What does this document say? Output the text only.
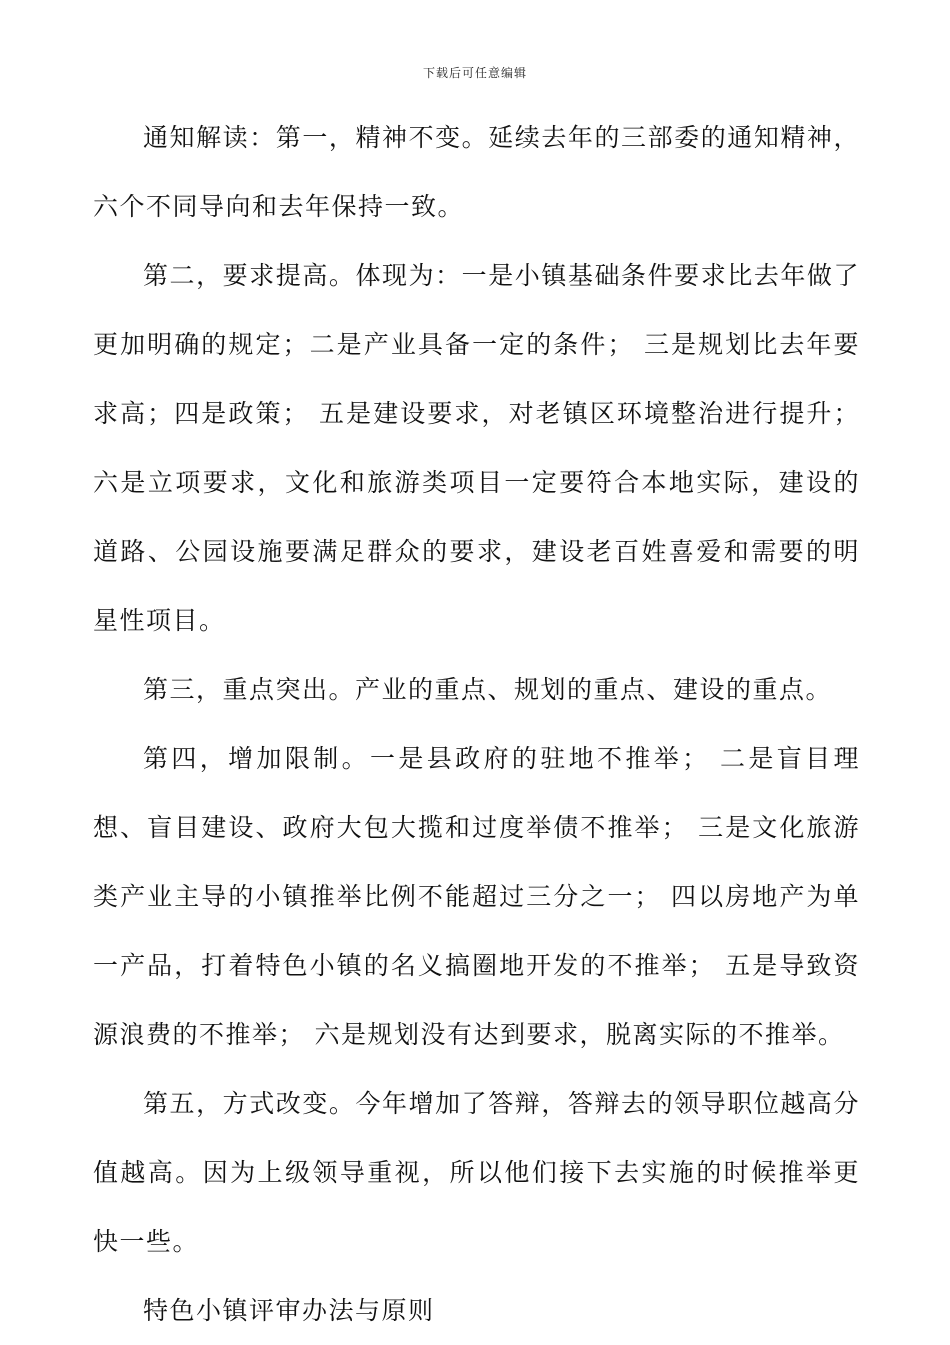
下载后可任意编辑

通知解读：第一，精神不变。延续去年的三部委的通知精神，六个不同导向和去年保持一致。

第二，要求提高。体现为：一是小镇基础条件要求比去年做了更加明确的规定；二是产业具备一定的条件； 三是规划比去年要求高；四是政策； 五是建设要求，对老镇区环境整治进行提升；六是立项要求，文化和旅游类项目一定要符合本地实际，建设的道路、公园设施要满足群众的要求，建设老百姓喜爱和需要的明星性项目。

第三，重点突出。产业的重点、规划的重点、建设的重点。

第四，增加限制。一是县政府的驻地不推举； 二是盲目理想、盲目建设、政府大包大揽和过度举债不推举； 三是文化旅游类产业主导的小镇推举比例不能超过三分之一； 四以房地产为单一产品，打着特色小镇的名义搞圈地开发的不推举； 五是导致资源浪费的不推举； 六是规划没有达到要求，脱离实际的不推举。

第五，方式改变。今年增加了答辩，答辩去的领导职位越高分值越高。因为上级领导重视，所以他们接下去实施的时候推举更快一些。

特色小镇评审办法与原则
